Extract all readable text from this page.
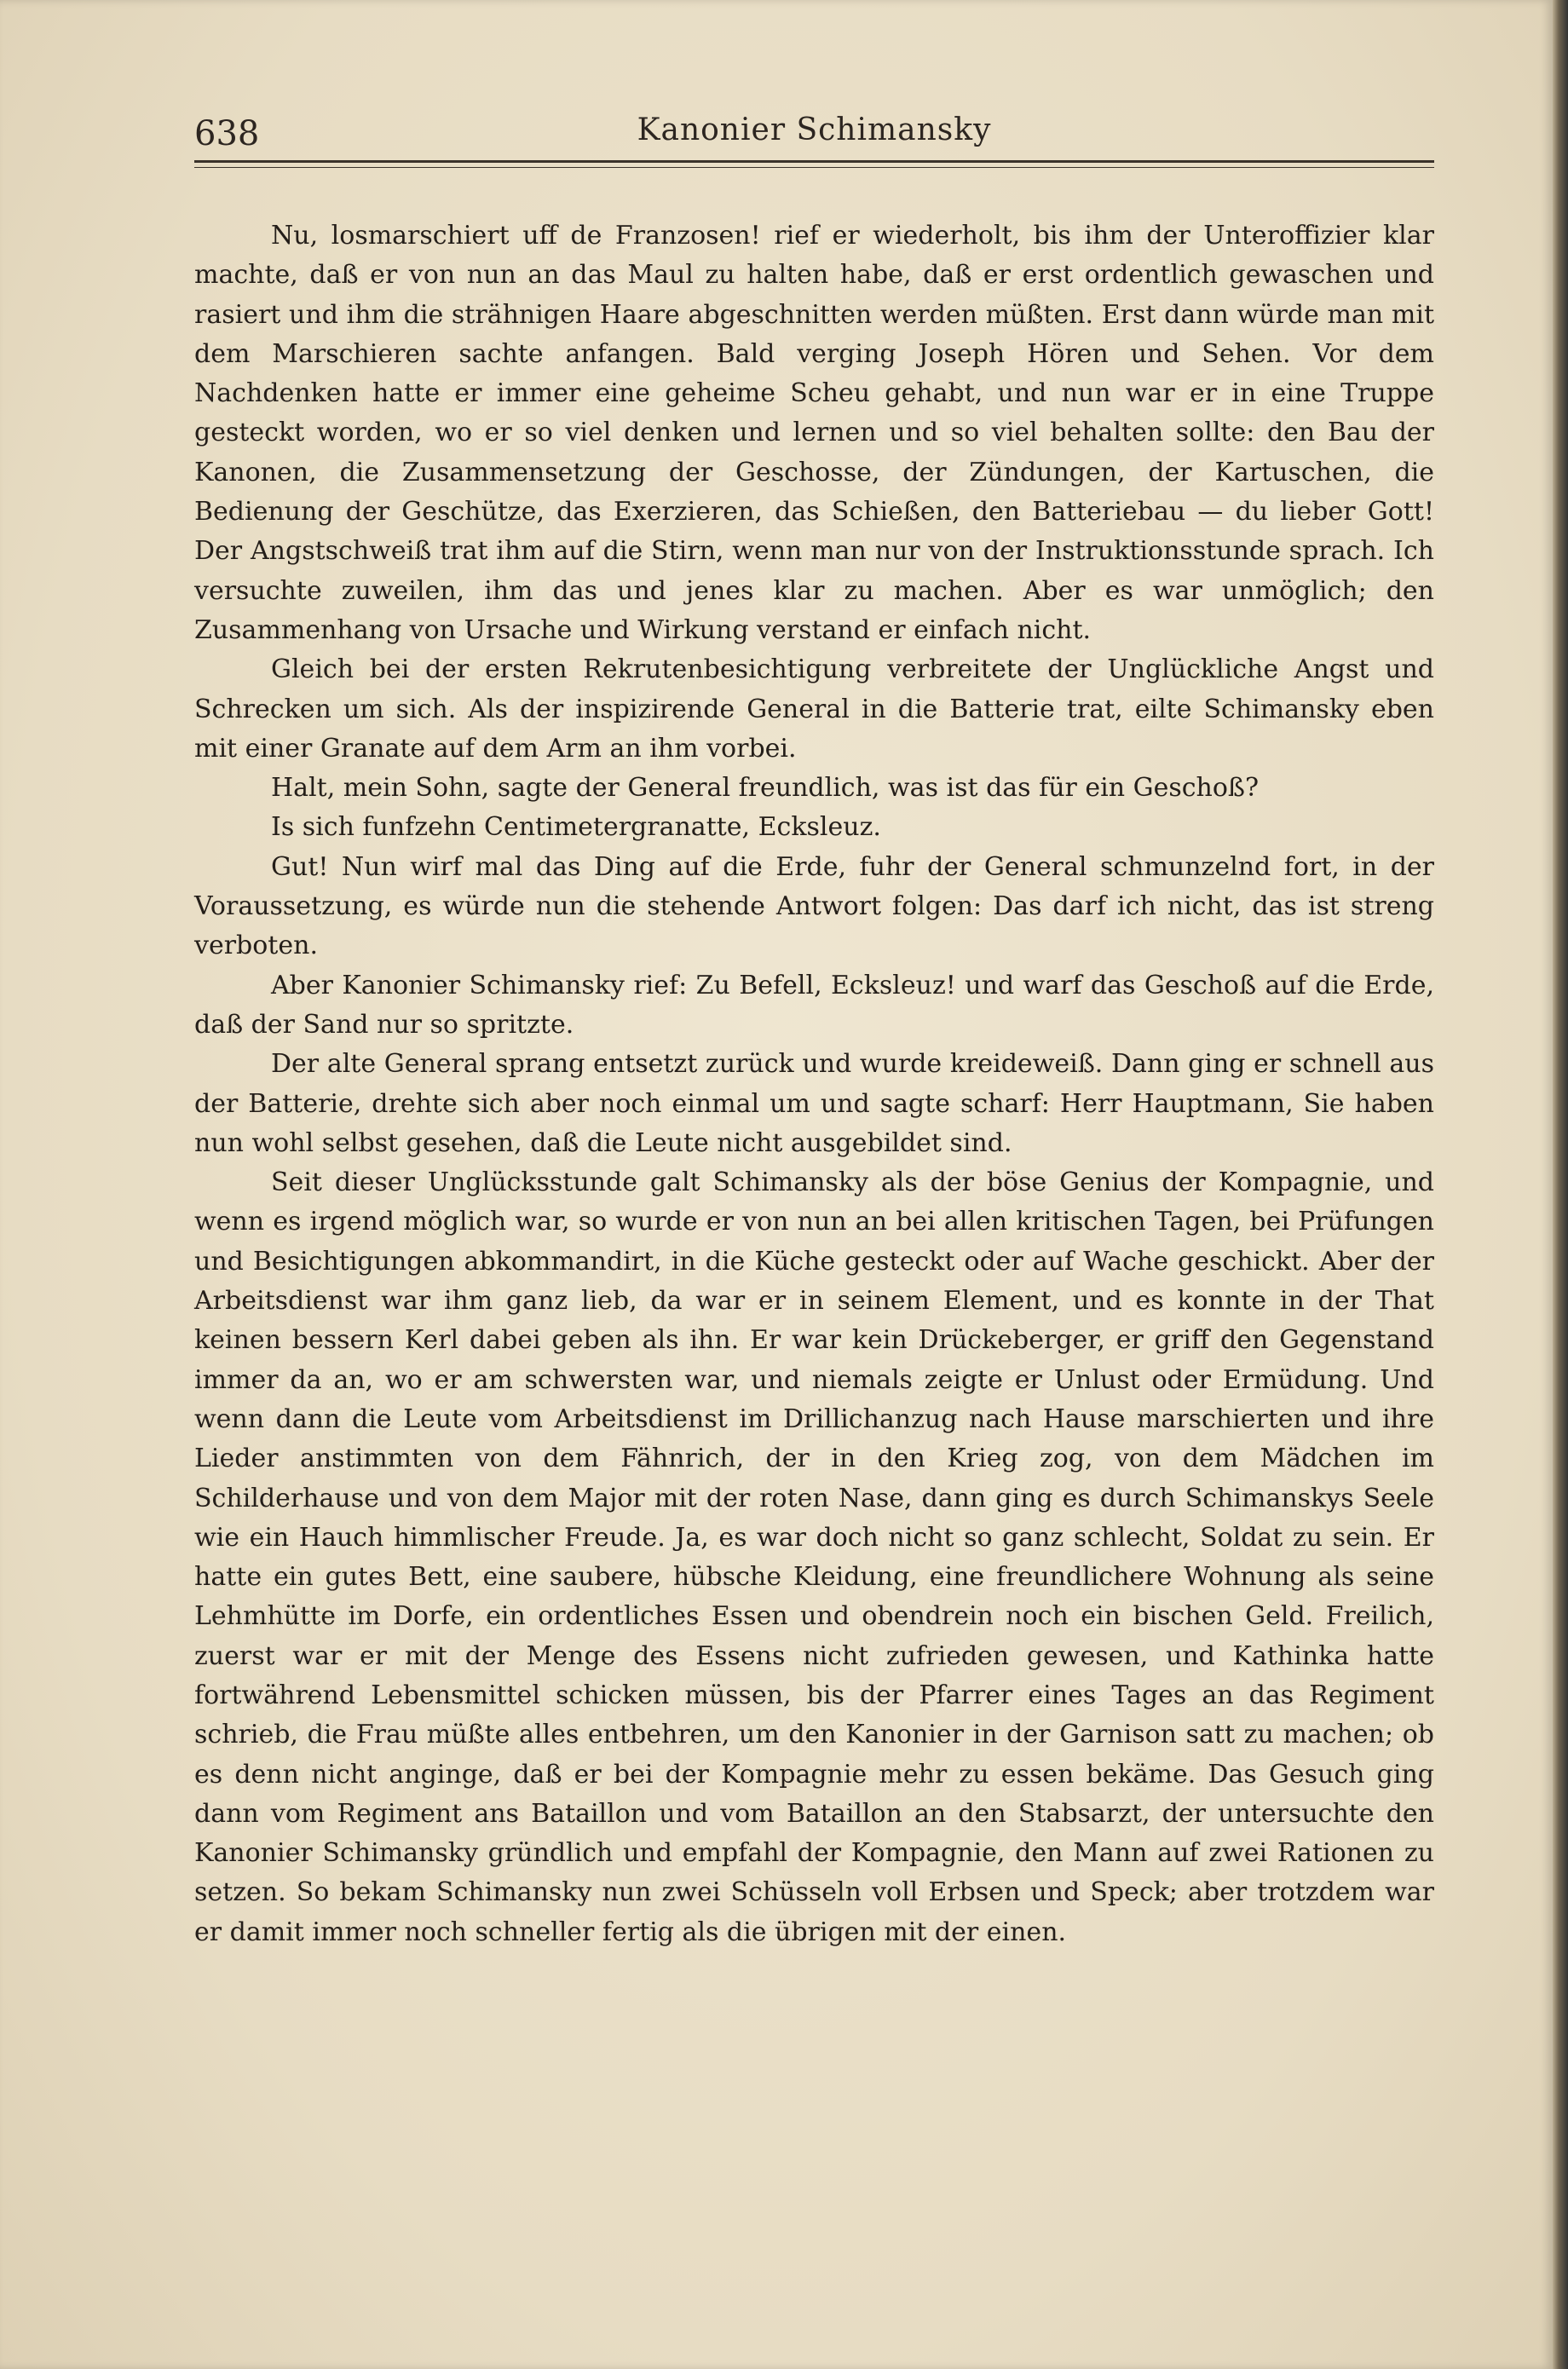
638	Kanonier Schimansky

Nu, losmarschiert uff de Franzosen! rief er wiederholt, bis ihm der Unteroffizier klar machte, daß er von nun an das Maul zu halten habe, daß er erst ordentlich gewaschen und rasiert und ihm die strähnigen Haare abgeschnitten werden müßten. Erst dann würde man mit dem Marschieren sachte anfangen. Bald verging Joseph Hören und Sehen. Vor dem Nachdenken hatte er immer eine geheime Scheu gehabt, und nun war er in eine Truppe gesteckt worden, wo er so viel denken und lernen und so viel behalten sollte: den Bau der Kanonen, die Zusammensetzung der Geschosse, der Zündungen, der Kartuschen, die Bedienung der Geschütze, das Exerzieren, das Schießen, den Batteriebau — du lieber Gott! Der Angstschweiß trat ihm auf die Stirn, wenn man nur von der Instruktionsstunde sprach. Ich versuchte zuweilen, ihm das und jenes klar zu machen. Aber es war unmöglich; den Zusammenhang von Ursache und Wirkung verstand er einfach nicht.

Gleich bei der ersten Rekrutenbesichtigung verbreitete der Unglückliche Angst und Schrecken um sich. Als der inspizirende General in die Batterie trat, eilte Schimansky eben mit einer Granate auf dem Arm an ihm vorbei.

Halt, mein Sohn, sagte der General freundlich, was ist das für ein Geschoß?

Is sich funfzehn Centimetergranatte, Ecksleuz.

Gut! Nun wirf mal das Ding auf die Erde, fuhr der General schmunzelnd fort, in der Voraussetzung, es würde nun die stehende Antwort folgen: Das darf ich nicht, das ist streng verboten.

Aber Kanonier Schimansky rief: Zu Befell, Ecksleuz! und warf das Geschoß auf die Erde, daß der Sand nur so spritzte.

Der alte General sprang entsetzt zurück und wurde kreideweiß. Dann ging er schnell aus der Batterie, drehte sich aber noch einmal um und sagte scharf: Herr Hauptmann, Sie haben nun wohl selbst gesehen, daß die Leute nicht ausgebildet sind.

Seit dieser Unglücksstunde galt Schimansky als der böse Genius der Kompagnie, und wenn es irgend möglich war, so wurde er von nun an bei allen kritischen Tagen, bei Prüfungen und Besichtigungen abkommandirt, in die Küche gesteckt oder auf Wache geschickt. Aber der Arbeitsdienst war ihm ganz lieb, da war er in seinem Element, und es konnte in der That keinen bessern Kerl dabei geben als ihn. Er war kein Drückeberger, er griff den Gegenstand immer da an, wo er am schwersten war, und niemals zeigte er Unlust oder Ermüdung. Und wenn dann die Leute vom Arbeitsdienst im Drillichanzug nach Hause marschierten und ihre Lieder anstimmten von dem Fähnrich, der in den Krieg zog, von dem Mädchen im Schilderhause und von dem Major mit der roten Nase, dann ging es durch Schimanskys Seele wie ein Hauch himmlischer Freude. Ja, es war doch nicht so ganz schlecht, Soldat zu sein. Er hatte ein gutes Bett, eine saubere, hübsche Kleidung, eine freundlichere Wohnung als seine Lehmhütte im Dorfe, ein ordentliches Essen und obendrein noch ein bischen Geld. Freilich, zuerst war er mit der Menge des Essens nicht zufrieden gewesen, und Kathinka hatte fortwährend Lebensmittel schicken müssen, bis der Pfarrer eines Tages an das Regiment schrieb, die Frau müßte alles entbehren, um den Kanonier in der Garnison satt zu machen; ob es denn nicht anginge, daß er bei der Kompagnie mehr zu essen bekäme. Das Gesuch ging dann vom Regiment ans Bataillon und vom Bataillon an den Stabsarzt, der untersuchte den Kanonier Schimansky gründlich und empfahl der Kompagnie, den Mann auf zwei Rationen zu setzen. So bekam Schimansky nun zwei Schüsseln voll Erbsen und Speck; aber trotzdem war er damit immer noch schneller fertig als die übrigen mit der einen.
